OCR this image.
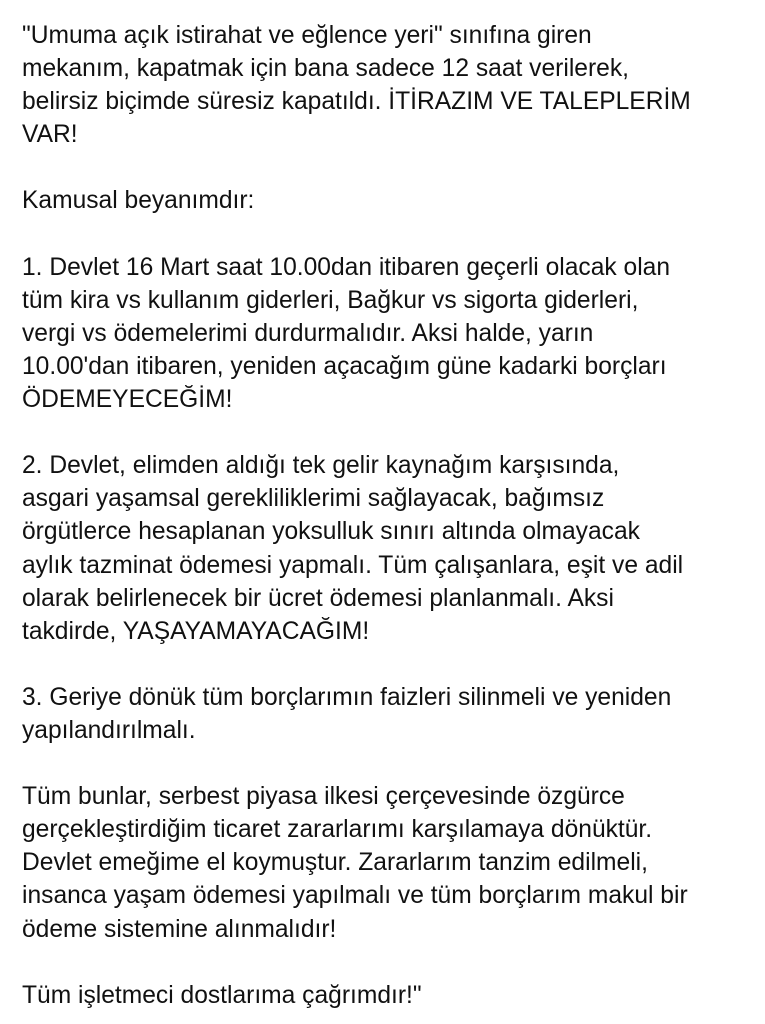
"Umuma açık istirahat ve eğlence yeri" sınıfına giren
mekanım, kapatmak için bana sadece 12 saat verilerek,
belirsiz biçimde süresiz kapatıldı. İTİRAZIM VE TALEPLERİM
VAR!

Kamusal beyanımdır:

1. Devlet 16 Mart saat 10.00dan itibaren geçerli olacak olan
tüm kira vs kullanım giderleri, Bağkur vs sigorta giderleri,
vergi vs ödemelerimi durdurmalıdır. Aksi halde, yarın
10.00'dan itibaren, yeniden açacağım güne kadarki borçları
ÖDEMEYECEĞİM!

2. Devlet, elimden aldığı tek gelir kaynağım karşısında,
asgari yaşamsal gerekliliklerimi sağlayacak, bağımsız
örgütlerce hesaplanan yoksulluk sınırı altında olmayacak
aylık tazminat ödemesi yapmalı. Tüm çalışanlara, eşit ve adil
olarak belirlenecek bir ücret ödemesi planlanmalı. Aksi
takdirde, YAŞAYAMAYACAĞIM!

3. Geriye dönük tüm borçlarımın faizleri silinmeli ve yeniden
yapılandırılmalı.

Tüm bunlar, serbest piyasa ilkesi çerçevesinde özgürce
gerçekleştirdiğim ticaret zararlarımı karşılamaya dönüktür.
Devlet emeğime el koymuştur. Zararlarım tanzim edilmeli,
insanca yaşam ödemesi yapılmalı ve tüm borçlarım makul bir
ödeme sistemine alınmalıdır!

Tüm işletmeci dostlarıma çağrımdır!"
